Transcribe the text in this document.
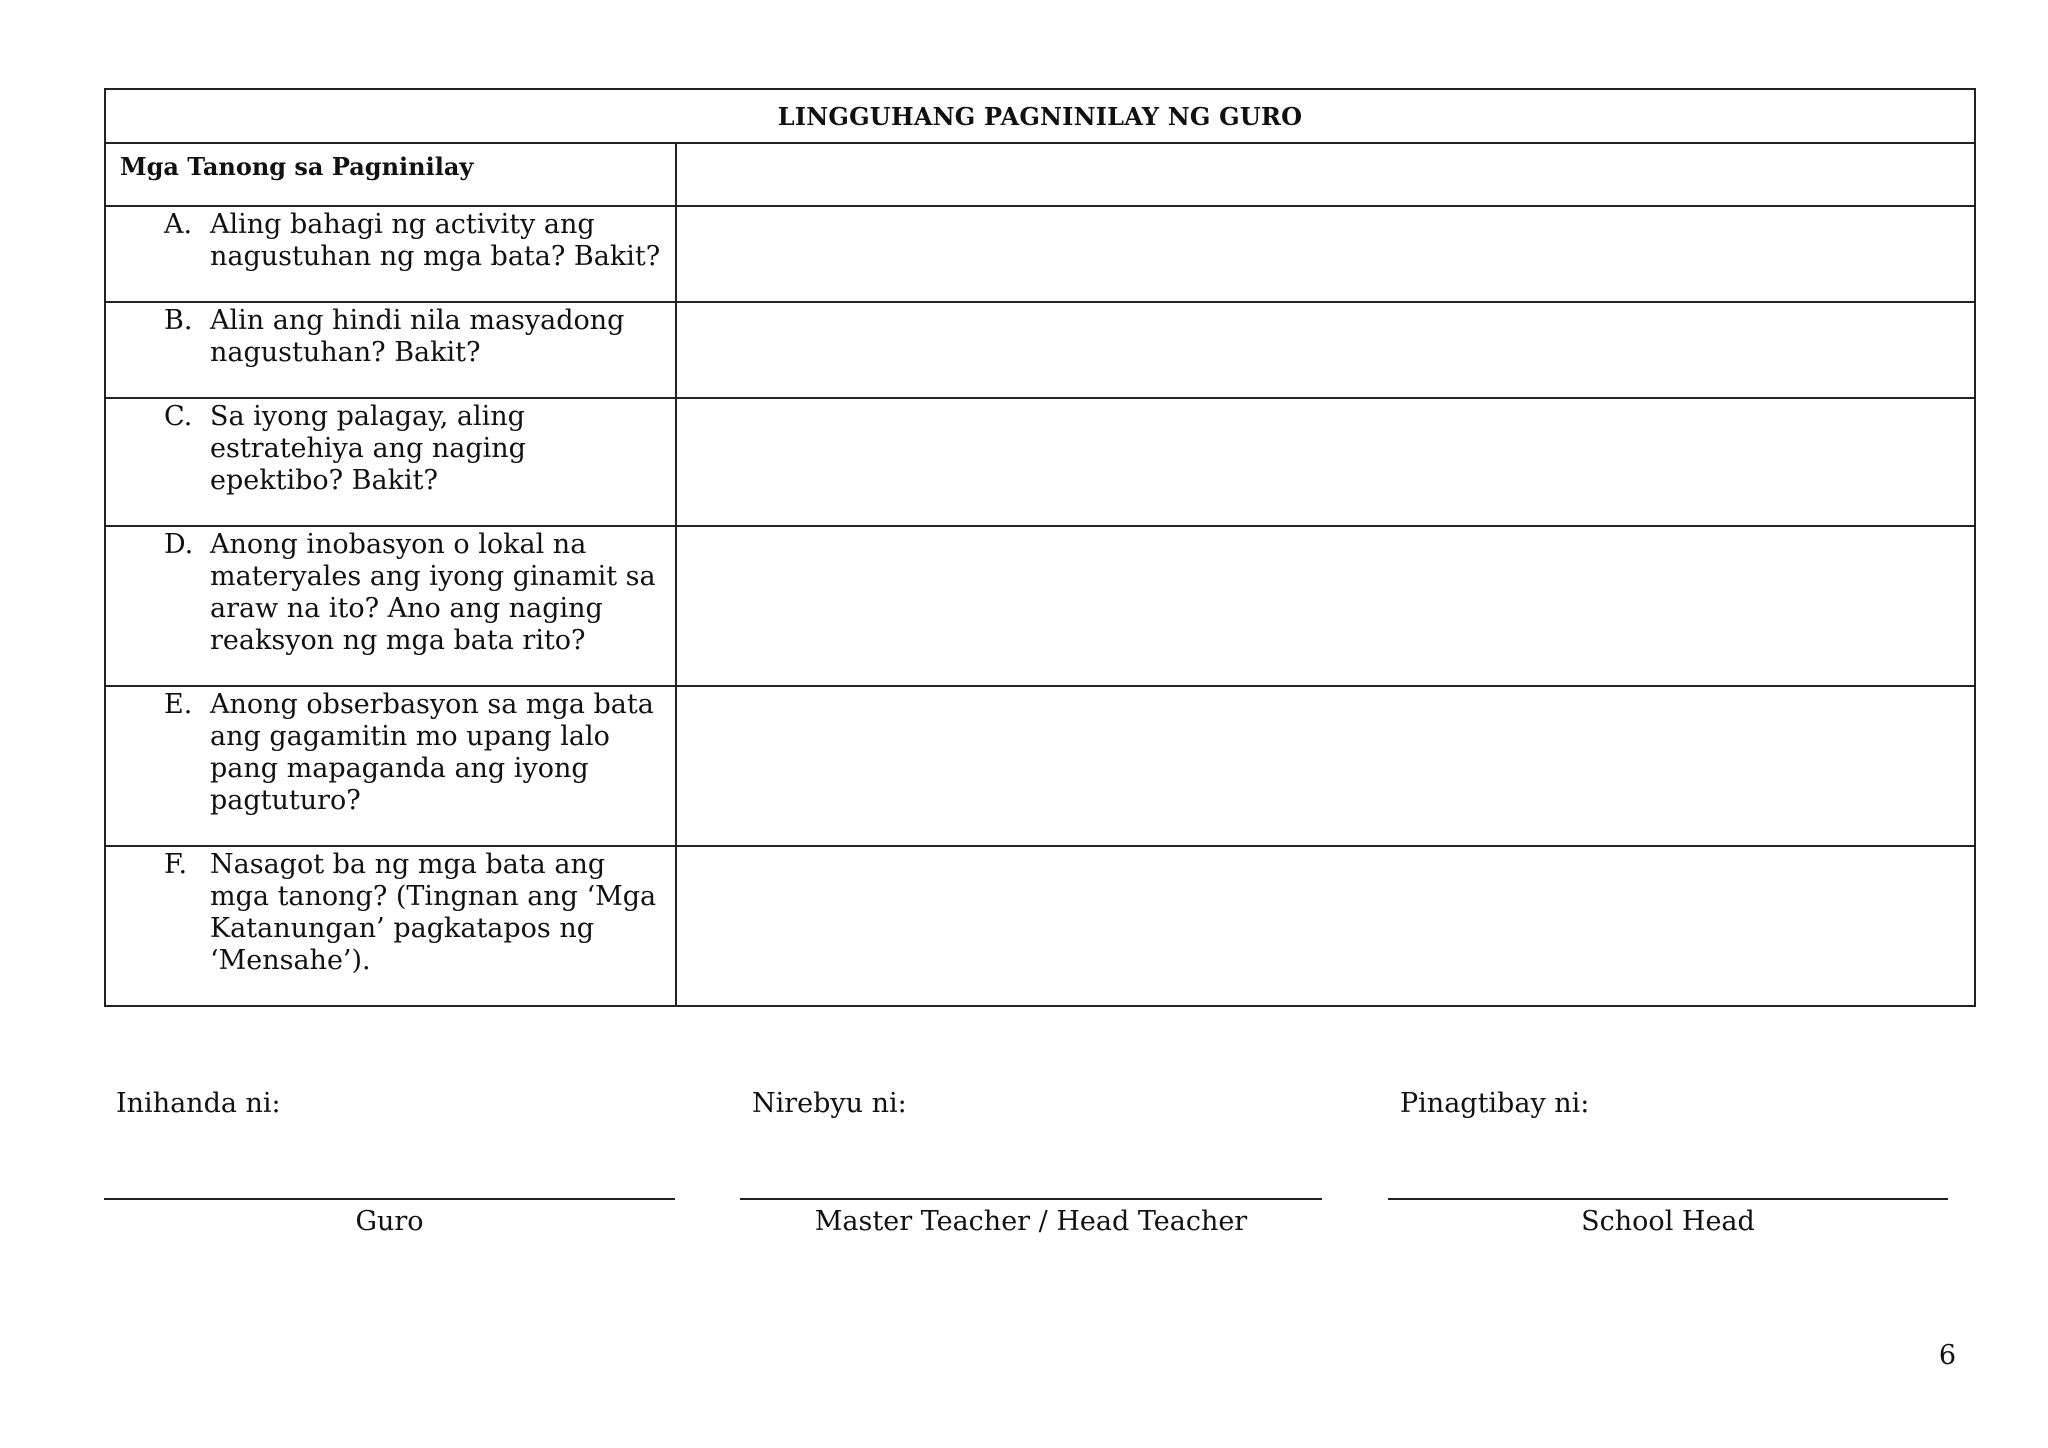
LINGGUHANG PAGNINILAY NG GURO	
Mga Tanong sa Pagninilay	

A. Aling bahagi ng activity ang nagustuhan ng mga bata? Bakit?	

B. Alin ang hindi nila masyadong nagustuhan? Bakit?	

C. Sa iyong palagay, aling estratehiya ang naging epektibo? Bakit?	

D. Anong inobasyon o lokal na materyales ang iyong ginamit sa araw na ito? Ano ang naging reaksyon ng mga bata rito?	

E. Anong obserbasyon sa mga bata ang gagamitin mo upang lalo pang mapaganda ang iyong pagtuturo?	

F. Nasagot ba ng mga bata ang mga tanong? (Tingnan ang ‘Mga Katanungan’ pagkatapos ng ‘Mensahe’).	

Inihanda ni:
Guro
Nirebyu ni:
Master Teacher / Head Teacher
Pinagtibay ni:
School Head
6
